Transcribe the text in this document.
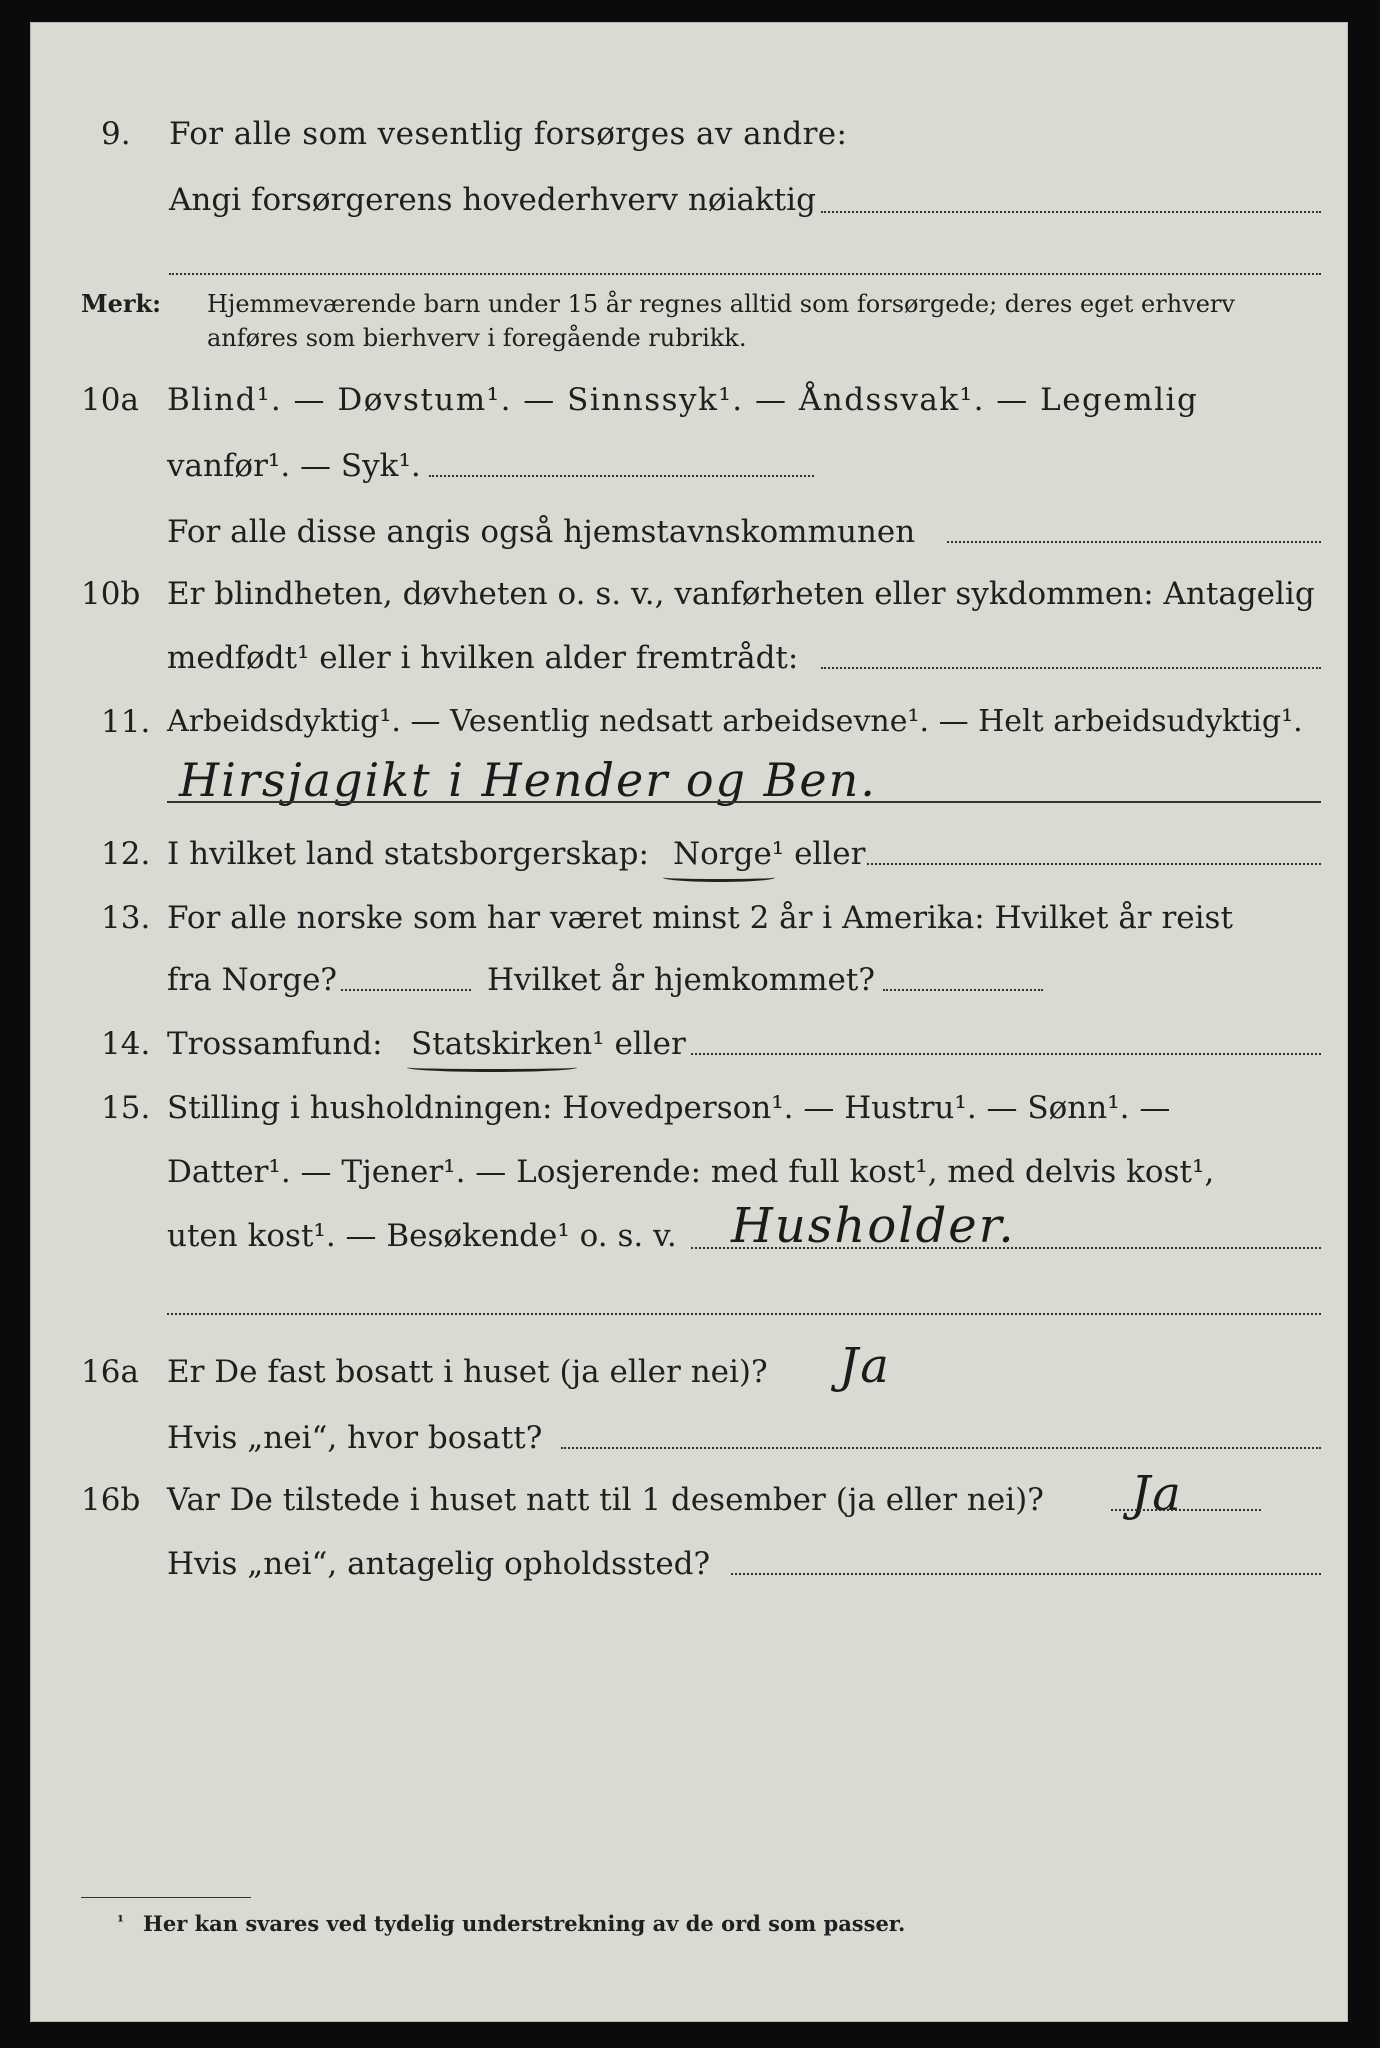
9. For alle som vesentlig forsørges av andre:
Angi forsørgerens hovederhverv nøiaktig
Merk: Hjemmeværende barn under 15 år regnes alltid som forsørgede; deres eget erhverv
anføres som bierhverv i foregående rubrikk.
10a Blind¹. — Døvstum¹. — Sinnssyk¹. — Åndssvak¹. — Legemlig
vanfør¹. — Syk¹.
For alle disse angis også hjemstavnskommunen
10b Er blindheten, døvheten o. s. v., vanførheten eller sykdommen: Antagelig
medfødt¹ eller i hvilken alder fremtrådt:
11. Arbeidsdyktig¹. — Vesentlig nedsatt arbeidsevne¹. — Helt arbeidsudyktig¹.
Hirsjagikt i Hender og Ben.
12. I hvilket land statsborgerskap: Norge¹ eller
13. For alle norske som har været minst 2 år i Amerika: Hvilket år reist
fra Norge?	Hvilket år hjemkommet?
14. Trossamfund: Statskirken¹ eller
15. Stilling i husholdningen: Hovedperson¹. — Hustru¹. — Sønn¹. —
Datter¹. — Tjener¹. — Losjerende: med full kost¹, med delvis kost¹,
uten kost¹. — Besøkende¹ o. s. v. Husholder.
16a Er De fast bosatt i huset (ja eller nei)? Ja
Hvis „nei“, hvor bosatt?
16b Var De tilstede i huset natt til 1 desember (ja eller nei)? Ja
Hvis „nei“, antagelig opholdssted?
¹ Her kan svares ved tydelig understrekning av de ord som passer.
